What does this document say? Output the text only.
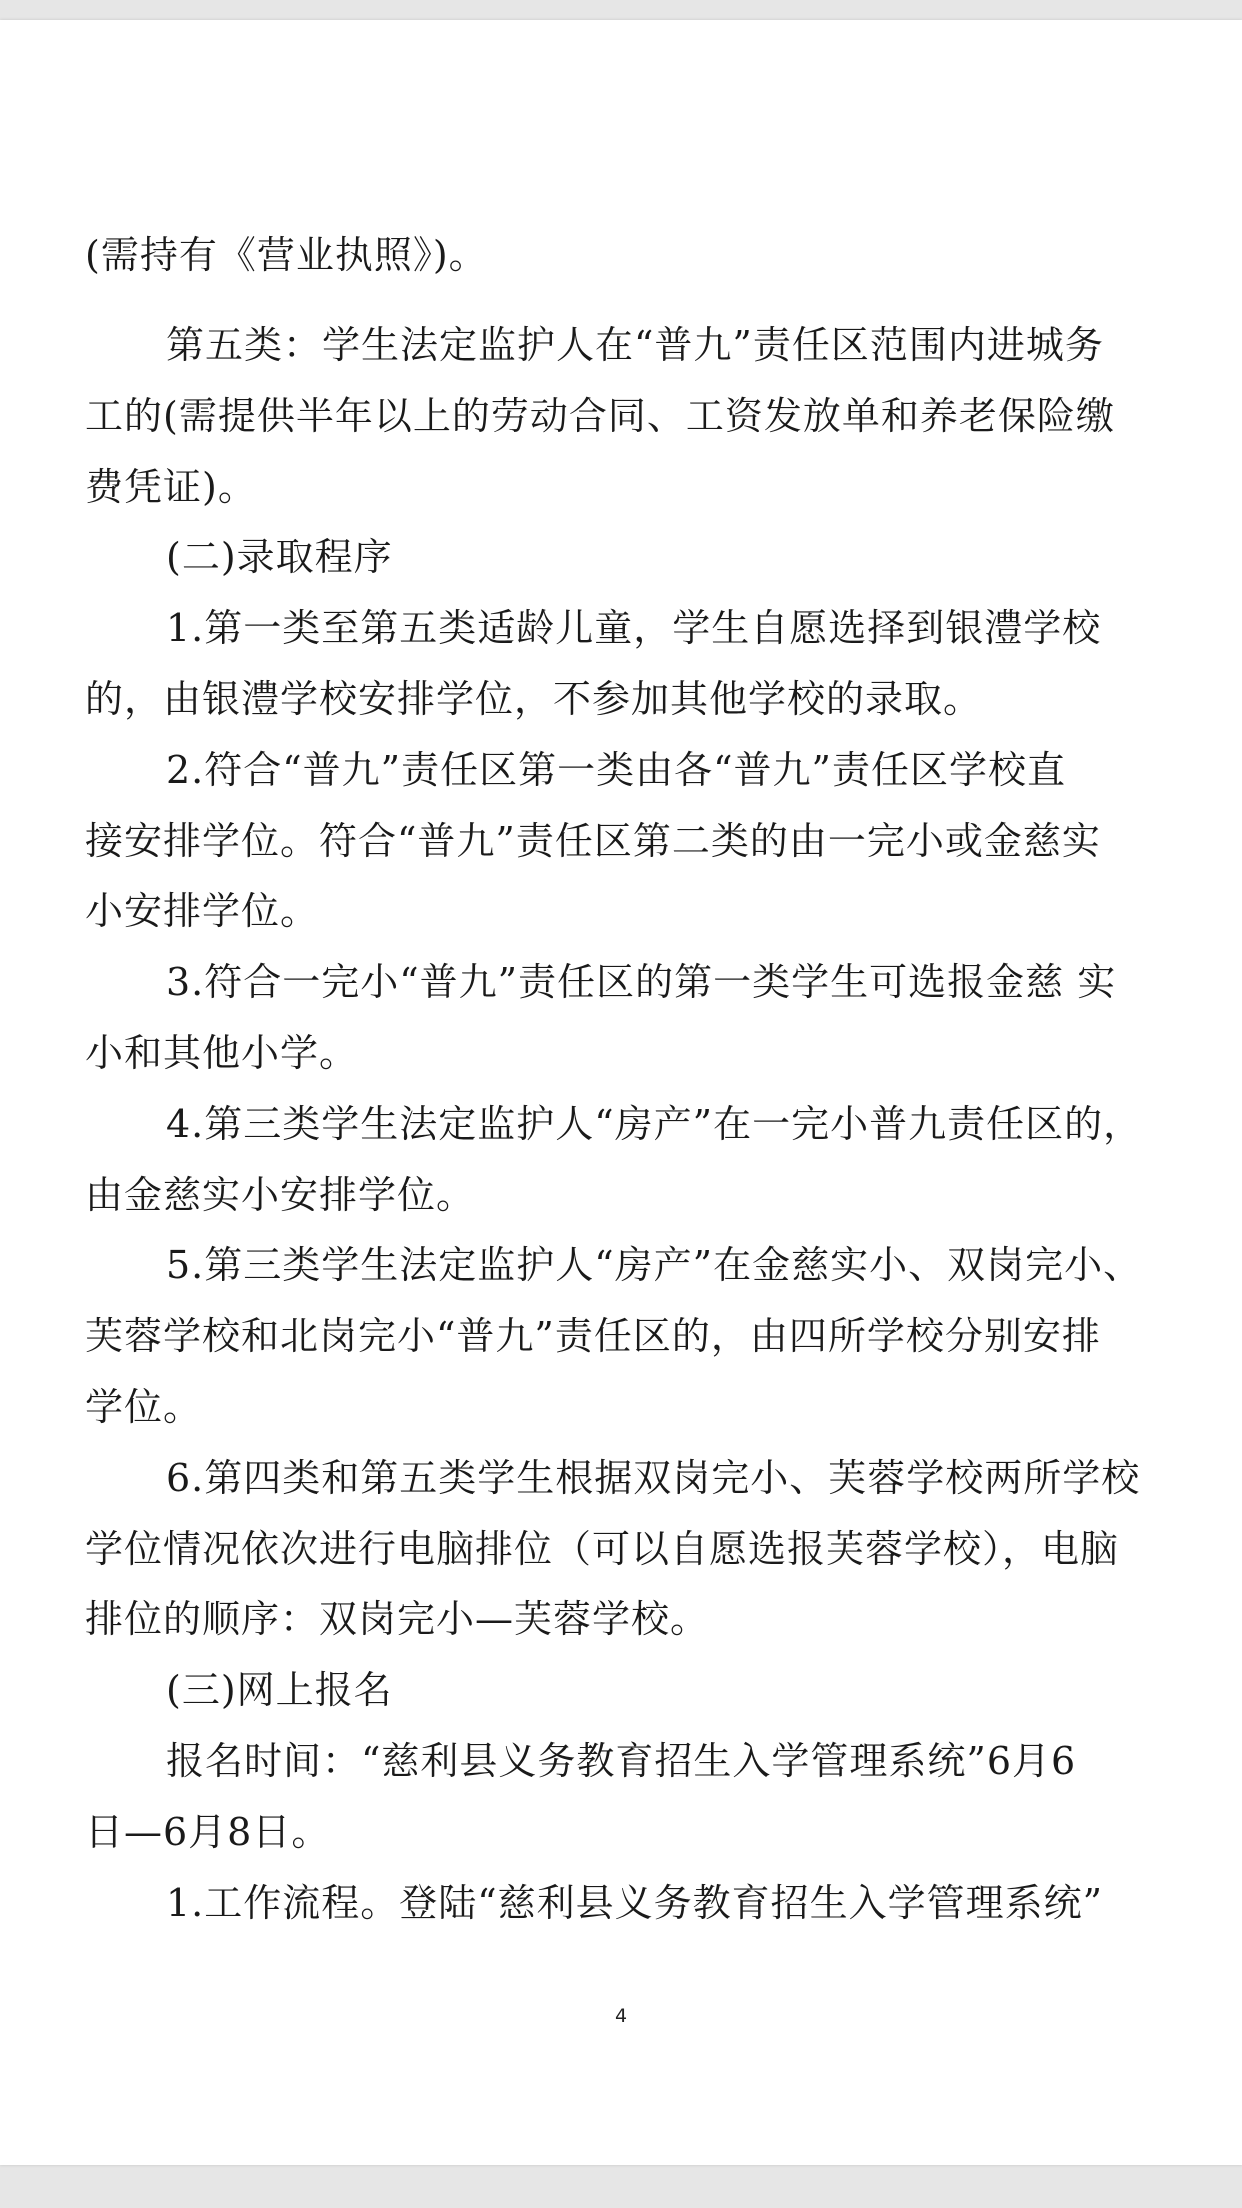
(需持有《营业执照》)。
第五类：学生法定监护人在“普九”责任区范围内进城务
工的(需提供半年以上的劳动合同、工资发放单和养老保险缴
费凭证)。
(二)录取程序
1.第一类至第五类适龄儿童，学生自愿选择到银澧学校
的，由银澧学校安排学位，不参加其他学校的录取。
2.符合“普九”责任区第一类由各“普九”责任区学校直
接安排学位。符合“普九”责任区第二类的由一完小或金慈实
小安排学位。
3.符合一完小“普九”责任区的第一类学生可选报金慈 实
小和其他小学。
4.第三类学生法定监护人“房产”在一完小普九责任区的，
由金慈实小安排学位。
5.第三类学生法定监护人“房产”在金慈实小、双岗完小、
芙蓉学校和北岗完小“普九”责任区的，由四所学校分别安排
学位。
6.第四类和第五类学生根据双岗完小、芙蓉学校两所学校
学位情况依次进行电脑排位（可以自愿选报芙蓉学校），电脑
排位的顺序：双岗完小—芙蓉学校。
(三)网上报名
报名时间：“慈利县义务教育招生入学管理系统”6月6
日—6月8日。
1.工作流程。登陆“慈利县义务教育招生入学管理系统”
4
